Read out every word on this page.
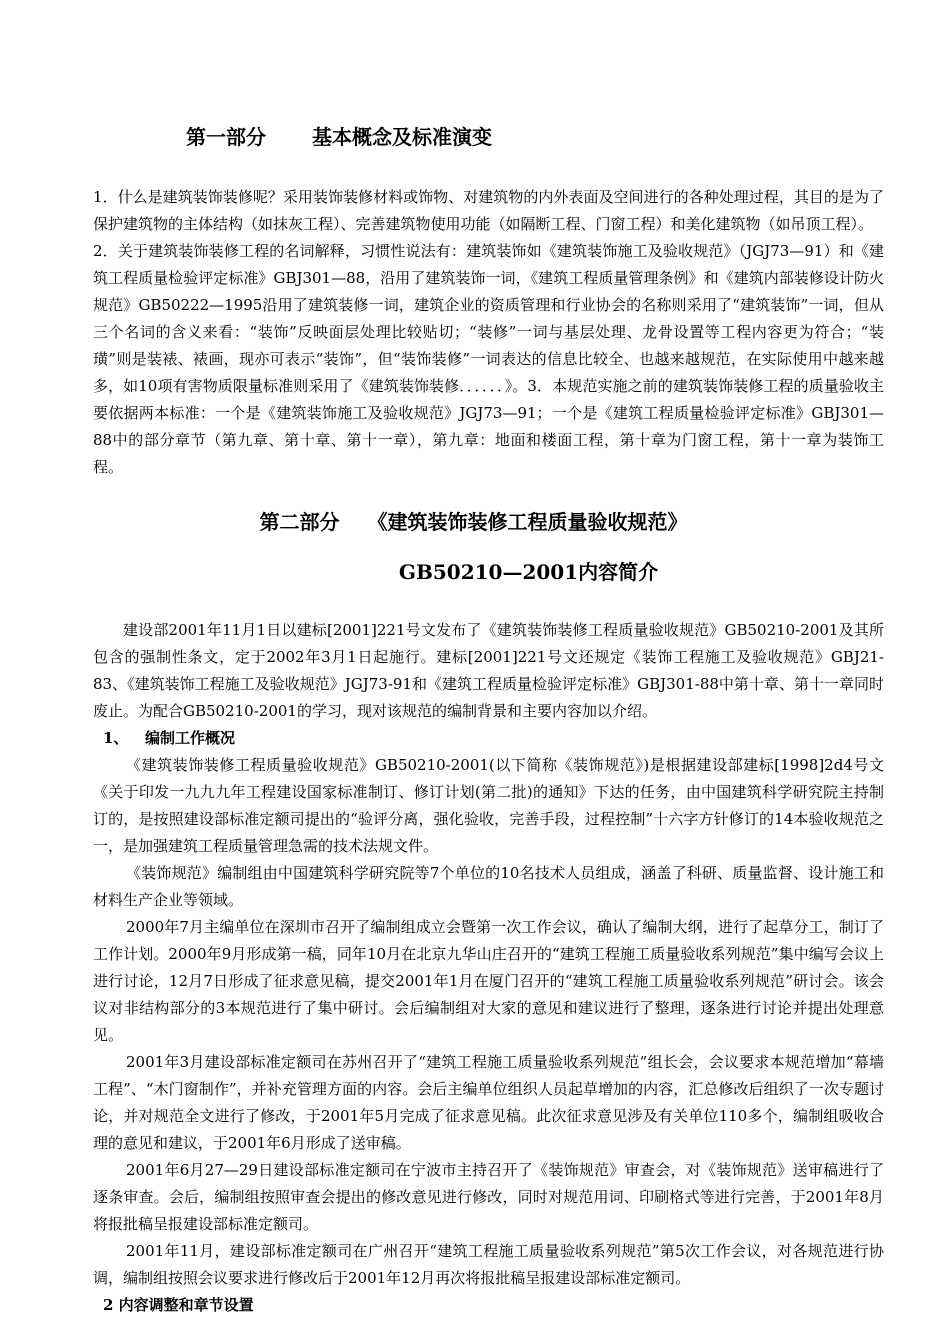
第一部分 基本概念及标准演变

1．什么是建筑装饰装修呢？采用装饰装修材料或饰物、对建筑物的内外表面及空间进行的各种处理过程，其目的是为了保护建筑物的主体结构（如抹灰工程）、完善建筑物使用功能（如隔断工程、门窗工程）和美化建筑物（如吊顶工程）。

2．关于建筑装饰装修工程的名词解释，习惯性说法有：建筑装饰如《建筑装饰施工及验收规范》（JGJ73—91）和《建筑工程质量检验评定标准》GBJ301—88，沿用了建筑装饰一词，《建筑工程质量管理条例》和《建筑内部装修设计防火规范》GB50222—1995沿用了建筑装修一词，建筑企业的资质管理和行业协会的名称则采用了“建筑装饰”一词，但从三个名词的含义来看：“装饰”反映面层处理比较贴切；“装修”一词与基层处理、龙骨设置等工程内容更为符合；“装璜”则是装裱、裱画，现亦可表示“装饰”，但“装饰装修”一词表达的信息比较全、也越来越规范，在实际使用中越来越多，如10项有害物质限量标准则采用了《建筑装饰装修．．．．．．》。3．本规范实施之前的建筑装饰装修工程的质量验收主要依据两本标准：一个是《建筑装饰施工及验收规范》JGJ73—91；一个是《建筑工程质量检验评定标准》GBJ301—88中的部分章节（第九章、第十章、第十一章），第九章：地面和楼面工程，第十章为门窗工程，第十一章为装饰工程。

第二部分 《建筑装饰装修工程质量验收规范》
GB50210—2001内容简介

建设部2001年11月1日以建标[2001]221号文发布了《建筑装饰装修工程质量验收规范》GB50210-2001及其所包含的强制性条文，定于2002年3月1日起施行。建标[2001]221号文还规定《装饰工程施工及验收规范》GBJ21-83、《建筑装饰工程施工及验收规范》JGJ73-91和《建筑工程质量检验评定标准》GBJ301-88中第十章、第十一章同时废止。为配合GB50210-2001的学习，现对该规范的编制背景和主要内容加以介绍。

1、 编制工作概况

《建筑装饰装修工程质量验收规范》GB50210-2001(以下简称《装饰规范》)是根据建设部建标[1998]2d4号文《关于印发一九九九年工程建设国家标准制订、修订计划(第二批)的通知》下达的任务，由中国建筑科学研究院主持制订的，是按照建设部标准定额司提出的“验评分离，强化验收，完善手段，过程控制”十六字方针修订的14本验收规范之一，是加强建筑工程质量管理急需的技术法规文件。

《装饰规范》编制组由中国建筑科学研究院等7个单位的10名技术人员组成，涵盖了科研、质量监督、设计施工和材料生产企业等领域。

2000年7月主编单位在深圳市召开了编制组成立会暨第一次工作会议，确认了编制大纲，进行了起草分工，制订了工作计划。2000年9月形成第一稿，同年10月在北京九华山庄召开的“建筑工程施工质量验收系列规范”集中编写会议上进行讨论，12月7日形成了征求意见稿，提交2001年1月在厦门召开的“建筑工程施工质量验收系列规范”研讨会。该会议对非结构部分的3本规范进行了集中研讨。会后编制组对大家的意见和建议进行了整理，逐条进行讨论并提出处理意见。

2001年3月建设部标准定额司在苏州召开了“建筑工程施工质量验收系列规范”组长会，会议要求本规范增加“幕墙工程”、“木门窗制作”，并补充管理方面的内容。会后主编单位组织人员起草增加的内容，汇总修改后组织了一次专题讨论，并对规范全文进行了修改，于2001年5月完成了征求意见稿。此次征求意见涉及有关单位110多个，编制组吸收合理的意见和建议，于2001年6月形成了送审稿。

2001年6月27—29日建设部标准定额司在宁波市主持召开了《装饰规范》审查会，对《装饰规范》送审稿进行了逐条审查。会后，编制组按照审查会提出的修改意见进行修改，同时对规范用词、印刷格式等进行完善，于2001年8月将报批稿呈报建设部标准定额司。

2001年11月，建设部标准定额司在广州召开“建筑工程施工质量验收系列规范”第5次工作会议，对各规范进行协调，编制组按照会议要求进行修改后于2001年12月再次将报批稿呈报建设部标准定额司。

2 内容调整和章节设置
